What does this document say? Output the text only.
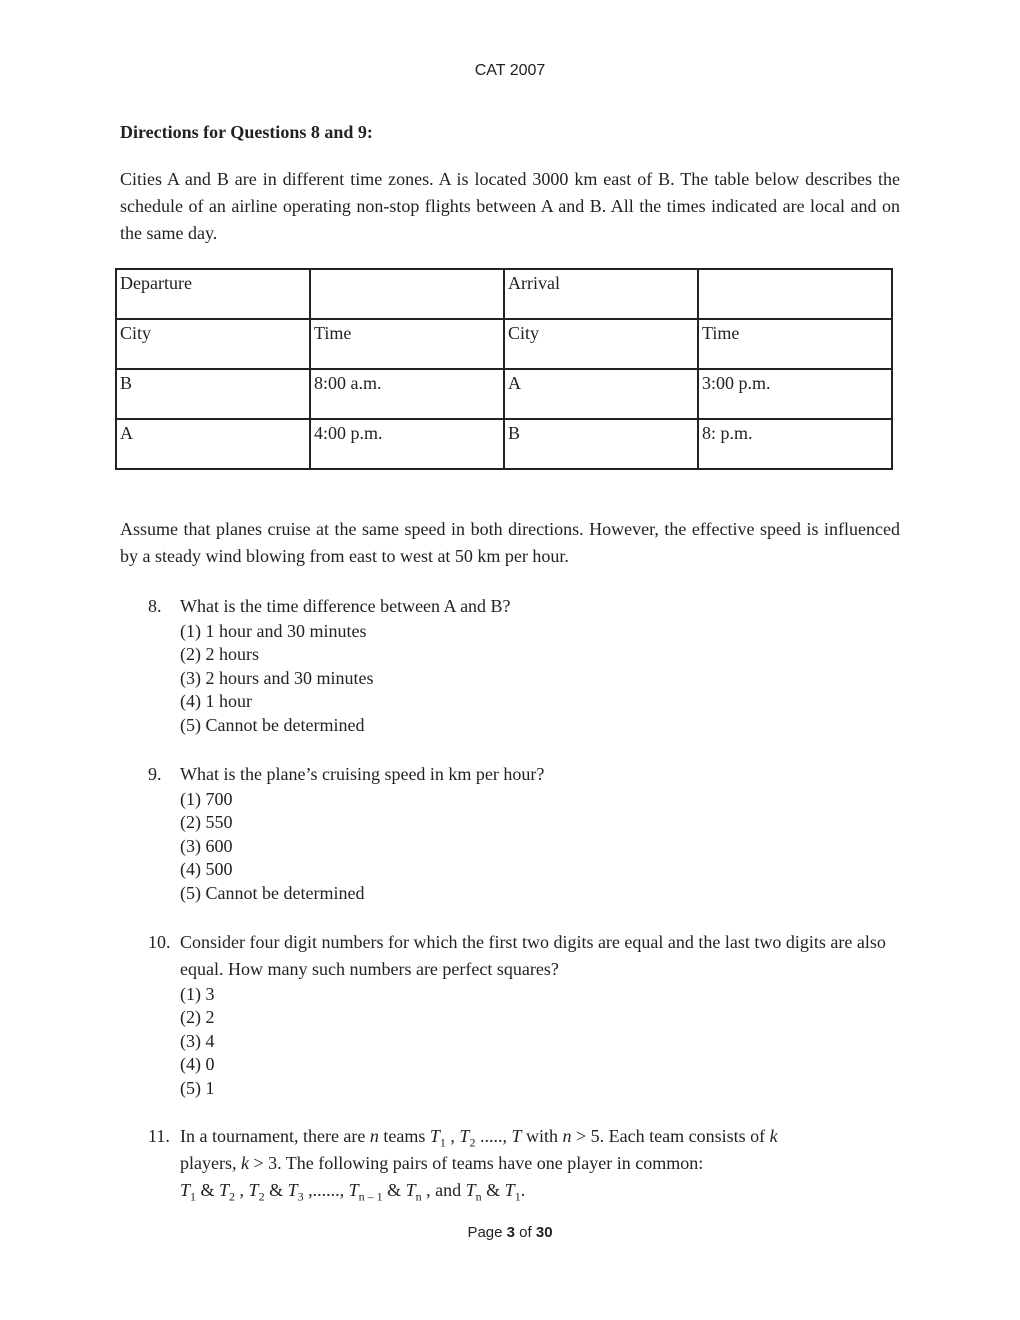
CAT 2007
Directions for Questions 8 and 9:
Cities A and B are in different time zones. A is located 3000 km east of B. The table below describes the schedule of an airline operating non-stop flights between A and B. All the times indicated are local and on the same day.
Departure		Arrival	
City	Time	City	Time
B	8:00 a.m.	A	3:00 p.m.
A	4:00 p.m.	B	8: p.m.
Assume that planes cruise at the same speed in both directions. However, the effective speed is influenced by a steady wind blowing from east to west at 50 km per hour.
8.	What is the time difference between A and B?
(1) 1 hour and 30 minutes
(2) 2 hours
(3) 2 hours and 30 minutes
(4) 1 hour
(5) Cannot be determined
9.	What is the plane’s cruising speed in km per hour?
(1) 700
(2) 550
(3) 600
(4) 500
(5) Cannot be determined
10. Consider four digit numbers for which the first two digits are equal and the last two digits are also equal. How many such numbers are perfect squares?
(1) 3
(2) 2
(3) 4
(4) 0
(5) 1
11. In a tournament, there are n teams $T_1$ , $T_2$ ....., T with n > 5. Each team consists of k
players, k > 3. The following pairs of teams have one player in common:
$T_1$ & $T_2$ , $T_2$ & $T_3$ ,......, $T_{n - 1}$ & $T_n$ , and $T_n$ & $T_1$.
Page 3 of 30
